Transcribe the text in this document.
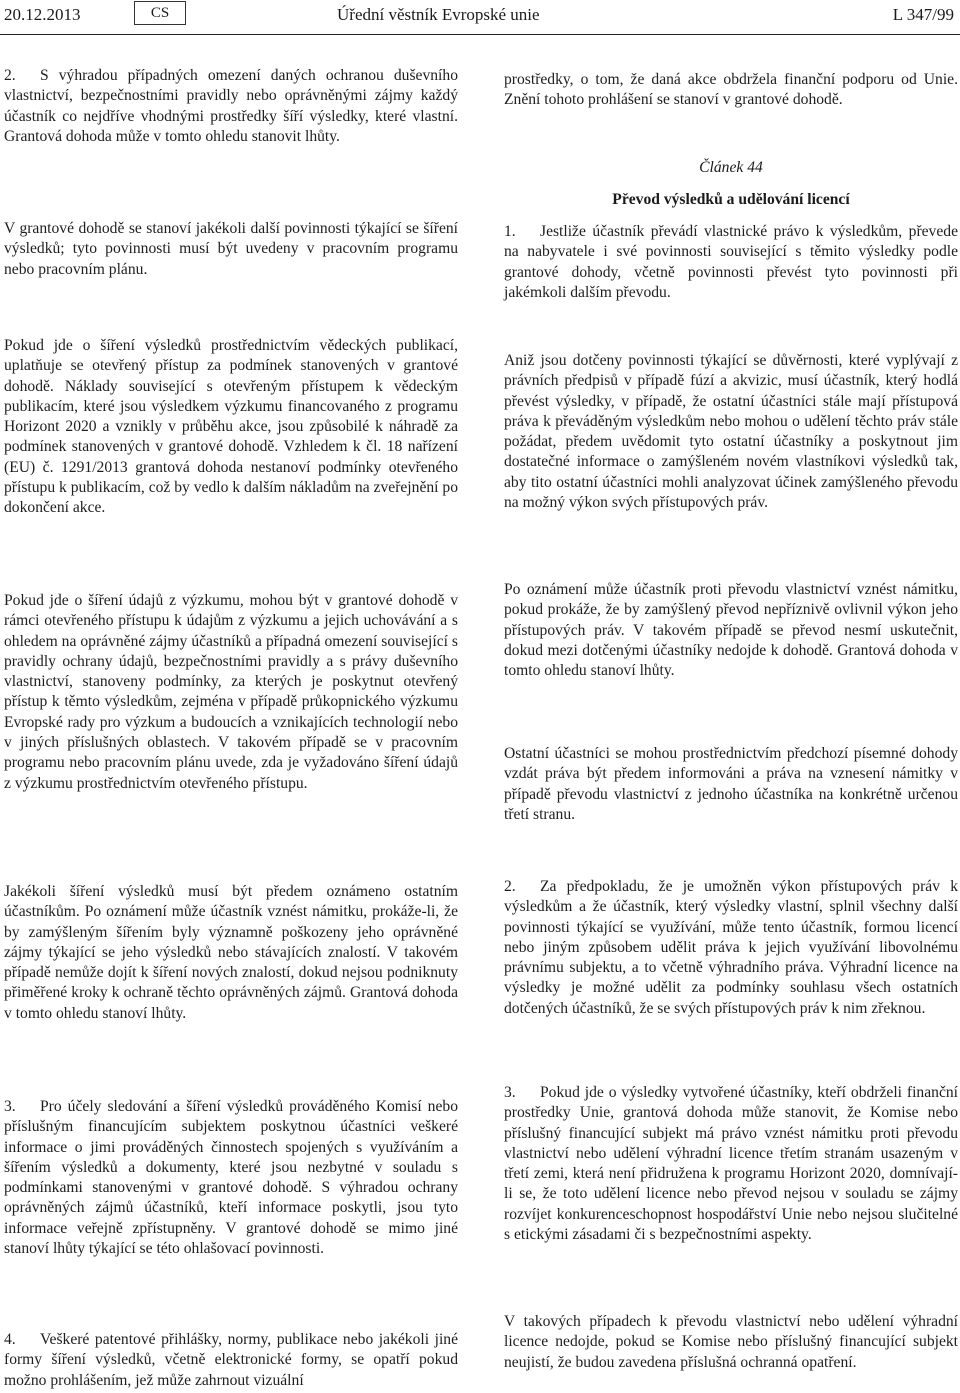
20.12.2013	CS	Úřední věstník Evropské unie	L 347/99

2. S výhradou případných omezení daných ochranou duševního vlastnictví, bezpečnostními pravidly nebo oprávněnými zájmy každý účastník co nejdříve vhodnými prostředky šíří výsledky, které vlastní. Grantová dohoda může v tomto ohledu stanovit lhůty.

V grantové dohodě se stanoví jakékoli další povinnosti týkající se šíření výsledků; tyto povinnosti musí být uvedeny v pracovním programu nebo pracovním plánu.

Pokud jde o šíření výsledků prostřednictvím vědeckých publikací, uplatňuje se otevřený přístup za podmínek stanovených v grantové dohodě. Náklady související s otevřeným přístupem k vědeckým publikacím, které jsou výsledkem výzkumu financovaného z programu Horizont 2020 a vznikly v průběhu akce, jsou způsobilé k náhradě za podmínek stanovených v grantové dohodě. Vzhledem k čl. 18 nařízení (EU) č. 1291/2013 grantová dohoda nestanoví podmínky otevřeného přístupu k publikacím, což by vedlo k dalším nákladům na zveřejnění po dokončení akce.

Pokud jde o šíření údajů z výzkumu, mohou být v grantové dohodě v rámci otevřeného přístupu k údajům z výzkumu a jejich uchovávání a s ohledem na oprávněné zájmy účastníků a případná omezení související s pravidly ochrany údajů, bezpečnostními pravidly a s právy duševního vlastnictví, stanoveny podmínky, za kterých je poskytnut otevřený přístup k těmto výsledkům, zejména v případě průkopnického výzkumu Evropské rady pro výzkum a budoucích a vznikajících technologií nebo v jiných příslušných oblastech. V takovém případě se v pracovním programu nebo pracovním plánu uvede, zda je vyžadováno šíření údajů z výzkumu prostřednictvím otevřeného přístupu.

Jakékoli šíření výsledků musí být předem oznámeno ostatním účastníkům. Po oznámení může účastník vznést námitku, prokáže-li, že by zamýšleným šířením byly významně poškozeny jeho oprávněné zájmy týkající se jeho výsledků nebo stávajících znalostí. V takovém případě nemůže dojít k šíření nových znalostí, dokud nejsou podniknuty přiměřené kroky k ochraně těchto oprávněných zájmů. Grantová dohoda v tomto ohledu stanoví lhůty.

3. Pro účely sledování a šíření výsledků prováděného Komisí nebo příslušným financujícím subjektem poskytnou účastníci veškeré informace o jimi prováděných činnostech spojených s využíváním a šířením výsledků a dokumenty, které jsou nezbytné v souladu s podmínkami stanovenými v grantové dohodě. S výhradou ochrany oprávněných zájmů účastníků, kteří informace poskytli, jsou tyto informace veřejně zpřístupněny. V grantové dohodě se mimo jiné stanoví lhůty týkající se této ohlašovací povinnosti.

4. Veškeré patentové přihlášky, normy, publikace nebo jakékoli jiné formy šíření výsledků, včetně elektronické formy, se opatří pokud možno prohlášením, jež může zahrnout vizuální

prostředky, o tom, že daná akce obdržela finanční podporu od Unie. Znění tohoto prohlášení se stanoví v grantové dohodě.

Článek 44

Převod výsledků a udělování licencí

1. Jestliže účastník převádí vlastnické právo k výsledkům, převede na nabyvatele i své povinnosti související s těmito výsledky podle grantové dohody, včetně povinnosti převést tyto povinnosti při jakémkoli dalším převodu.

Aniž jsou dotčeny povinnosti týkající se důvěrnosti, které vyplývají z právních předpisů v případě fúzí a akvizic, musí účastník, který hodlá převést výsledky, v případě, že ostatní účastníci stále mají přístupová práva k převáděným výsledkům nebo mohou o udělení těchto práv stále požádat, předem uvědomit tyto ostatní účastníky a poskytnout jim dostatečné informace o zamýšleném novém vlastníkovi výsledků tak, aby tito ostatní účastníci mohli analyzovat účinek zamýšleného převodu na možný výkon svých přístupových práv.

Po oznámení může účastník proti převodu vlastnictví vznést námitku, pokud prokáže, že by zamýšlený převod nepříznivě ovlivnil výkon jeho přístupových práv. V takovém případě se převod nesmí uskutečnit, dokud mezi dotčenými účastníky nedojde k dohodě. Grantová dohoda v tomto ohledu stanoví lhůty.

Ostatní účastníci se mohou prostřednictvím předchozí písemné dohody vzdát práva být předem informováni a práva na vznesení námitky v případě převodu vlastnictví z jednoho účastníka na konkrétně určenou třetí stranu.

2. Za předpokladu, že je umožněn výkon přístupových práv k výsledkům a že účastník, který výsledky vlastní, splnil všechny další povinnosti týkající se využívání, může tento účastník, formou licencí nebo jiným způsobem udělit práva k jejich využívání libovolnému právnímu subjektu, a to včetně výhradního práva. Výhradní licence na výsledky je možné udělit za podmínky souhlasu všech ostatních dotčených účastníků, že se svých přístupových práv k nim zřeknou.

3. Pokud jde o výsledky vytvořené účastníky, kteří obdrželi finanční prostředky Unie, grantová dohoda může stanovit, že Komise nebo příslušný financující subjekt má právo vznést námitku proti převodu vlastnictví nebo udělení výhradní licence třetím stranám usazeným v třetí zemi, která není přidružena k programu Horizont 2020, domnívají-li se, že toto udělení licence nebo převod nejsou v souladu se zájmy rozvíjet konkurenceschopnost hospodářství Unie nebo nejsou slučitelné s etickými zásadami či s bezpečnostními aspekty.

V takových případech k převodu vlastnictví nebo udělení výhradní licence nedojde, pokud se Komise nebo příslušný financující subjekt neujistí, že budou zavedena příslušná ochranná opatření.
